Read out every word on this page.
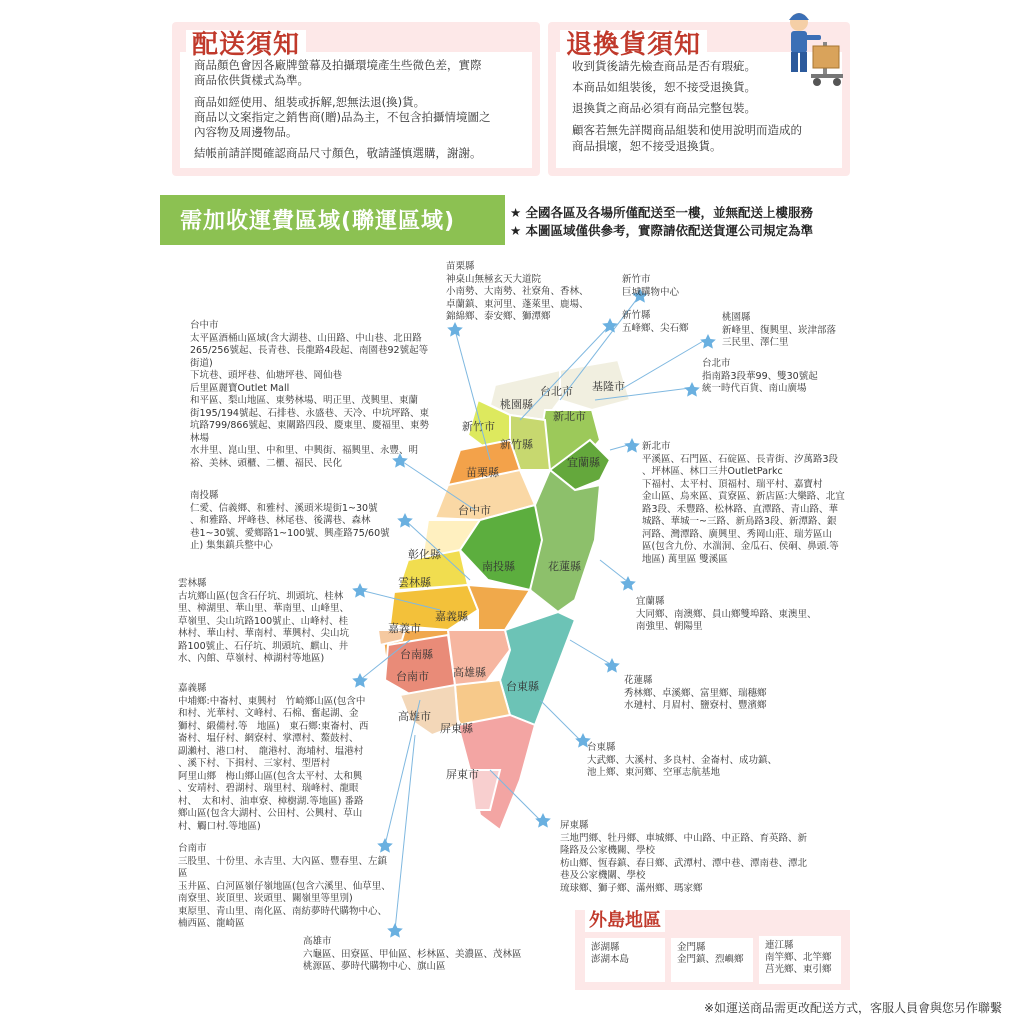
配送須知

商品顏色會因各廠牌螢幕及拍攝環境產生些微色差，實際

商品依供貨樣式為準。

商品如經使用、組裝或拆解,恕無法退(換)貨。

商品以文案指定之銷售商(贈)品為主，不包含拍攝情境圖之

內容物及周邊物品。

結帳前請詳閱確認商品尺寸顏色，敬請謹慎選購，謝謝。

退換貨須知

收到貨後請先檢查商品是否有瑕疵。

本商品如組裝後，恕不接受退換貨。

退換貨之商品必須有商品完整包裝。

顧客若無先詳閱商品組裝和使用說明而造成的

商品損壞，恕不接受退換貨。

需加收運費區域(聯運區域)	★ 全國各區及各場所僅配送至一樓，並無配送上樓服務
★ 本圖區域僅供參考，實際請依配送貨運公司規定為準
台北市 基隆市
桃園縣
新北市
新竹市
新竹縣
宜蘭縣
苗栗縣
台中市
彰化縣
南投縣	花蓮縣
雲林縣
嘉義縣
嘉義市
台南縣
台南市 高雄縣
台東縣
高雄市
屏東縣
屏東市

苗栗縣

神桌山無極玄天大道院

小南勢、大南勢、社寮角、香林、

卓蘭鎮、東河里、蓬萊里、鹿場、

錦綿鄉、泰安鄉、獅潭鄉

新竹市

巨城購物中心

新竹縣

五峰鄉、尖石鄉

桃園縣

新峰里、復興里、崁津部落

三民里、澤仁里

台北市

指南路3段華99、雙30號起

統一時代百貨、南山廣場

台中市

太平區酒桶山區域(含大湖巷、山田路、中山巷、北田路

265/256號起、長青巷、長龍路4段起、南園巷92號起等

街道)

下坑巷、頭坪巷、仙塘坪巷、岡仙巷

后里區麗寶Outlet Mall

和平區、梨山地區、東勢林場、明正里、茂興里、東蘭

街195/194號起、石排巷、永盛巷、天冷、中坑坪路、東

坑路799/866號起、東關路四段、慶東里、慶福里、東勢

林場

水井里、崑山里、中和里、中興街、福興里、永豐、明

裕、美林、頭櫃、二櫃、福民、民化

新北市

平溪區、石門區、石碇區、長青街、汐萬路3段

、坪林區、林口三井OutletParkc

下福村、太平村、頂福村、瑞平村、嘉寶村

金山區、烏來區、貢寮區、新店區:大樂路、北宜

路3段、禾豐路、松林路、直潭路、青山路、華

城路、華城一~三路、新鳥路3段、新潭路、銀

河路、灣潭路、廣興里、秀岡山莊、瑞芳區山

區(包含九份、水湍洞、金瓜石、侯硐、鼻頭.等

地區) 萬里區 雙溪區

南投縣

仁愛、信義鄉、和雅村、溪頭米堤街1~30號

、和雅路、坪峰巷、林尾巷、後溝巷、森林

巷1~30號、愛鄉路1~100號、興產路75/60號

止) 集集鎮兵整中心

雲林縣

古坑鄉山區(包含石仔坑、圳頭坑、桂林

里、樟湖里、華山里、華南里、山峰里、

草嶺里、尖山坑路100號止、山峰村、桂

林村、華山村、華南村、華興村、尖山坑

路100號止、石仔坑、圳頭坑、麒山、井

水、內館、草嶺村、樟湖村等地區)

宜蘭縣

大同鄉、南澳鄉、員山鄉雙埠路、東澳里、

南強里、朝陽里

花蓮縣

秀林鄉、卓溪鄉、富里鄉、瑞穗鄉

水璉村、月眉村、鹽寮村、豐濱鄉

嘉義縣

中埔鄉:中崙村、東興村　竹崎鄉山區(包含中

和村、光華村、文峰村、石棉、奮起湖、金

獅村、緞備村.等　地區)　東石鄉:東崙村、西

崙村、塭仔村、網寮村、掌潭村、鰲鼓村、

副瀨村、港口村、　龍港村、海埔村、塭港村

、溪下村、下揖村、三家村、型厝村

阿里山鄉　梅山鄉山區(包含太平村、太和興

、安靖村、碧湖村、瑞里村、瑞峰村、龍眼

村、　太和村、油車寮、樟樹湖.等地區) 番路

鄉山區(包含大湖村、公田村、公興村、草山

村、觸口村.等地區)

台東縣

大武鄉、大溪村、多良村、金崙村、成功鎮、

池上鄉、東河鄉、空軍志航基地

屏東縣

三地門鄉、牡丹鄉、車城鄉、中山路、中正路、育英路、新

隆路及公家機關、學校

枋山鄉、恆春鎮、春日鄉、武潭村、潭中巷、潭南巷、潭北

巷及公家機關、學校

琉球鄉、獅子鄉、滿州鄉、瑪家鄉

台南市

三股里、十份里、永吉里、大內區、豐春里、左鎮

區

玉井區、白河區嶺仔嶺地區(包含六溪里、仙草里、

南寮里、崁頂里、崁頭里、關嶺里等里別)

東原里、青山里、南化區、南紡夢時代購物中心、

楠西區、龍崎區

高雄市

六龜區、田寮區、甲仙區、杉林區、美濃區、茂林區

桃源區、夢時代購物中心、旗山區

外島地區
澎湖縣
澎湖本島
金門縣
金門鎮、烈嶼鄉
連江縣
南竿鄉、北竿鄉
莒光鄉、東引鄉
※如運送商品需更改配送方式，客服人員會與您另作聯繫
